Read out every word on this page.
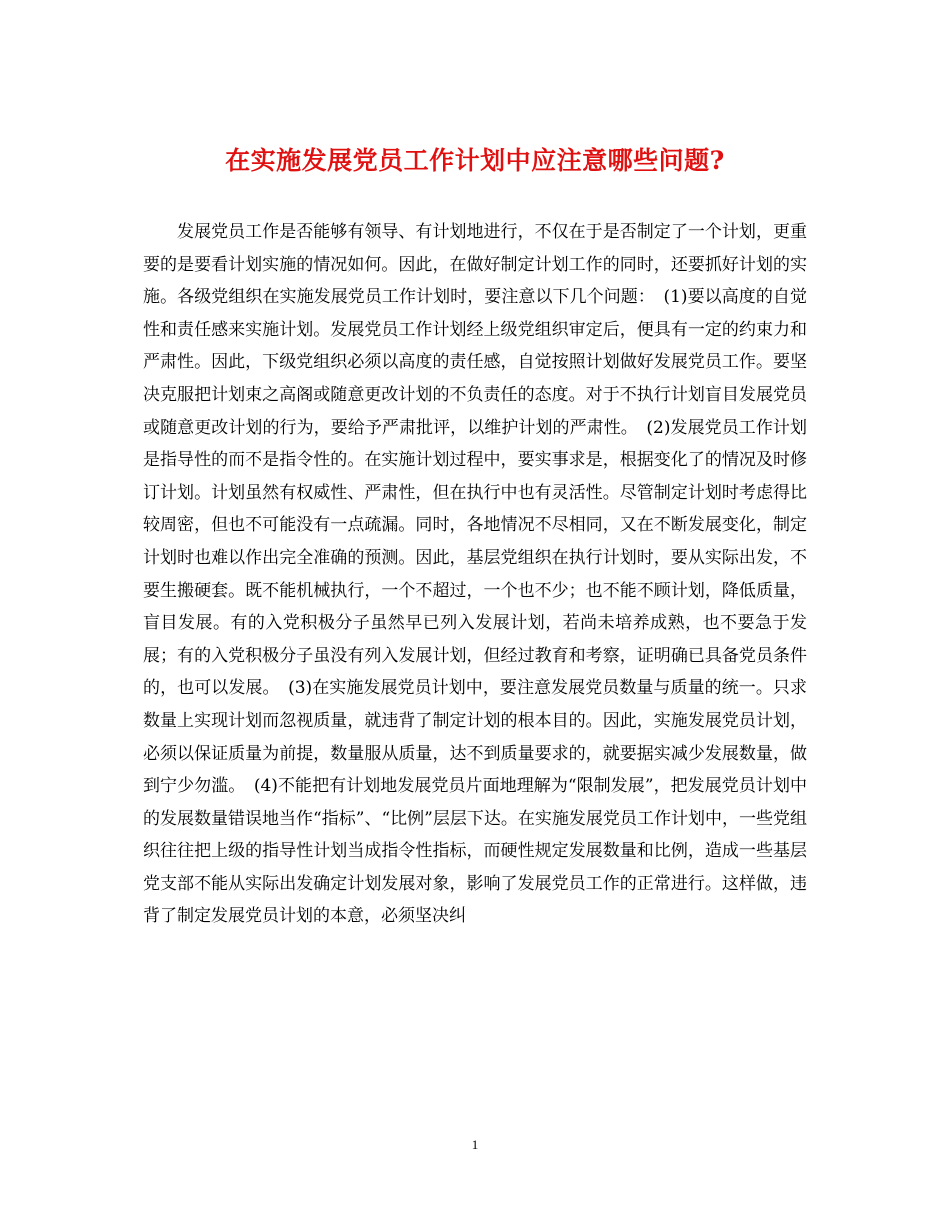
在实施发展党员工作计划中应注意哪些问题?

　　发展党员工作是否能够有领导、有计划地进行，不仅在于是否制定了一个计划，更重要的是要看计划实施的情况如何。因此，在做好制定计划工作的同时，还要抓好计划的实施。各级党组织在实施发展党员工作计划时，要注意以下几个问题：　(1)要以高度的自觉性和责任感来实施计划。发展党员工作计划经上级党组织审定后，便具有一定的约束力和严肃性。因此，下级党组织必须以高度的责任感，自觉按照计划做好发展党员工作。要坚决克服把计划束之高阁或随意更改计划的不负责任的态度。对于不执行计划盲目发展党员或随意更改计划的行为，要给予严肃批评，以维护计划的严肃性。　(2)发展党员工作计划是指导性的而不是指令性的。在实施计划过程中，要实事求是，根据变化了的情况及时修订计划。计划虽然有权威性、严肃性，但在执行中也有灵活性。尽管制定计划时考虑得比较周密，但也不可能没有一点疏漏。同时，各地情况不尽相同，又在不断发展变化，制定计划时也难以作出完全准确的预测。因此，基层党组织在执行计划时，要从实际出发，不要生搬硬套。既不能机械执行，一个不超过，一个也不少；也不能不顾计划，降低质量，盲目发展。有的入党积极分子虽然早已列入发展计划，若尚未培养成熟，也不要急于发展；有的入党积极分子虽没有列入发展计划，但经过教育和考察，证明确已具备党员条件的，也可以发展。　(3)在实施发展党员计划中，要注意发展党员数量与质量的统一。只求数量上实现计划而忽视质量，就违背了制定计划的根本目的。因此，实施发展党员计划，必须以保证质量为前提，数量服从质量，达不到质量要求的，就要据实减少发展数量，做到宁少勿滥。　(4)不能把有计划地发展党员片面地理解为“限制发展”，把发展党员计划中的发展数量错误地当作“指标”、“比例”层层下达。在实施发展党员工作计划中，一些党组织往往把上级的指导性计划当成指令性指标，而硬性规定发展数量和比例，造成一些基层党支部不能从实际出发确定计划发展对象，影响了发展党员工作的正常进行。这样做，违背了制定发展党员计划的本意，必须坚决纠

1
